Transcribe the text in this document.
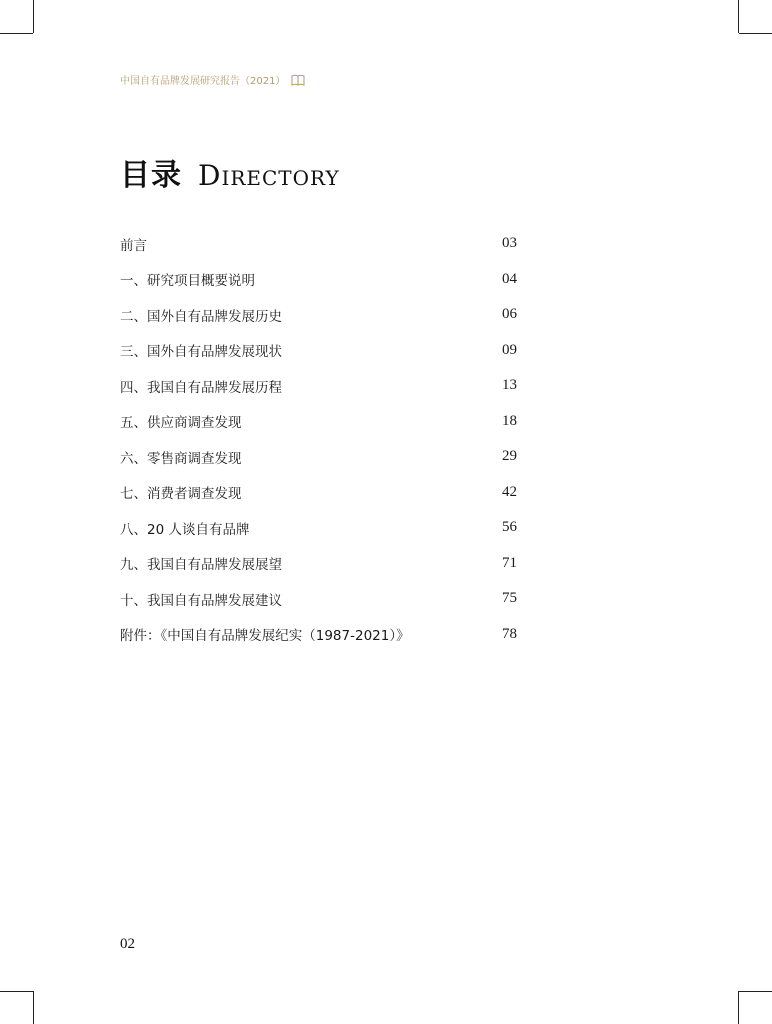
中国自有品牌发展研究报告（2021）
目录 Directory
前言	03
一、研究项目概要说明	04
二、国外自有品牌发展历史	06
三、国外自有品牌发展现状	09
四、我国自有品牌发展历程	13
五、供应商调查发现	18
六、零售商调查发现	29
七、消费者调查发现	42
八、20 人谈自有品牌	56
九、我国自有品牌发展展望	71
十、我国自有品牌发展建议	75
附件：《中国自有品牌发展纪实（1987-2021）》	78
02
